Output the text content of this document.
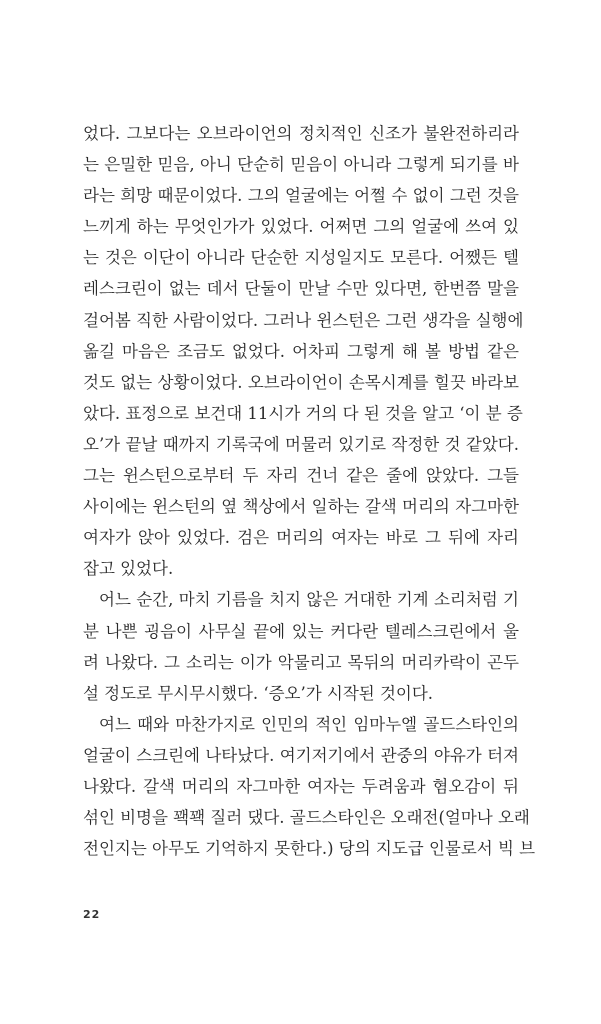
었다. 그보다는 오브라이언의 정치적인 신조가 불완전하리라
는 은밀한 믿음, 아니 단순히 믿음이 아니라 그렇게 되기를 바
라는 희망 때문이었다. 그의 얼굴에는 어쩔 수 없이 그런 것을
느끼게 하는 무엇인가가 있었다. 어쩌면 그의 얼굴에 쓰여 있
는 것은 이단이 아니라 단순한 지성일지도 모른다. 어쨌든 텔
레스크린이 없는 데서 단둘이 만날 수만 있다면, 한번쯤 말을
걸어봄 직한 사람이었다. 그러나 윈스턴은 그런 생각을 실행에
옮길 마음은 조금도 없었다. 어차피 그렇게 해 볼 방법 같은
것도 없는 상황이었다. 오브라이언이 손목시계를 힐끗 바라보
았다. 표정으로 보건대 11시가 거의 다 된 것을 알고 ‘이 분 증
오’가 끝날 때까지 기록국에 머물러 있기로 작정한 것 같았다.
그는 윈스턴으로부터 두 자리 건너 같은 줄에 앉았다. 그들
사이에는 윈스턴의 옆 책상에서 일하는 갈색 머리의 자그마한
여자가 앉아 있었다. 검은 머리의 여자는 바로 그 뒤에 자리
잡고 있었다.
어느 순간, 마치 기름을 치지 않은 거대한 기계 소리처럼 기
분 나쁜 굉음이 사무실 끝에 있는 커다란 텔레스크린에서 울
려 나왔다. 그 소리는 이가 악물리고 목뒤의 머리카락이 곤두
설 정도로 무시무시했다. ‘증오’가 시작된 것이다.
여느 때와 마찬가지로 인민의 적인 임마누엘 골드스타인의
얼굴이 스크린에 나타났다. 여기저기에서 관중의 야유가 터져
나왔다. 갈색 머리의 자그마한 여자는 두려움과 혐오감이 뒤
섞인 비명을 꽥꽥 질러 댔다. 골드스타인은 오래전(얼마나 오래
전인지는 아무도 기억하지 못한다.) 당의 지도급 인물로서 빅 브
22
